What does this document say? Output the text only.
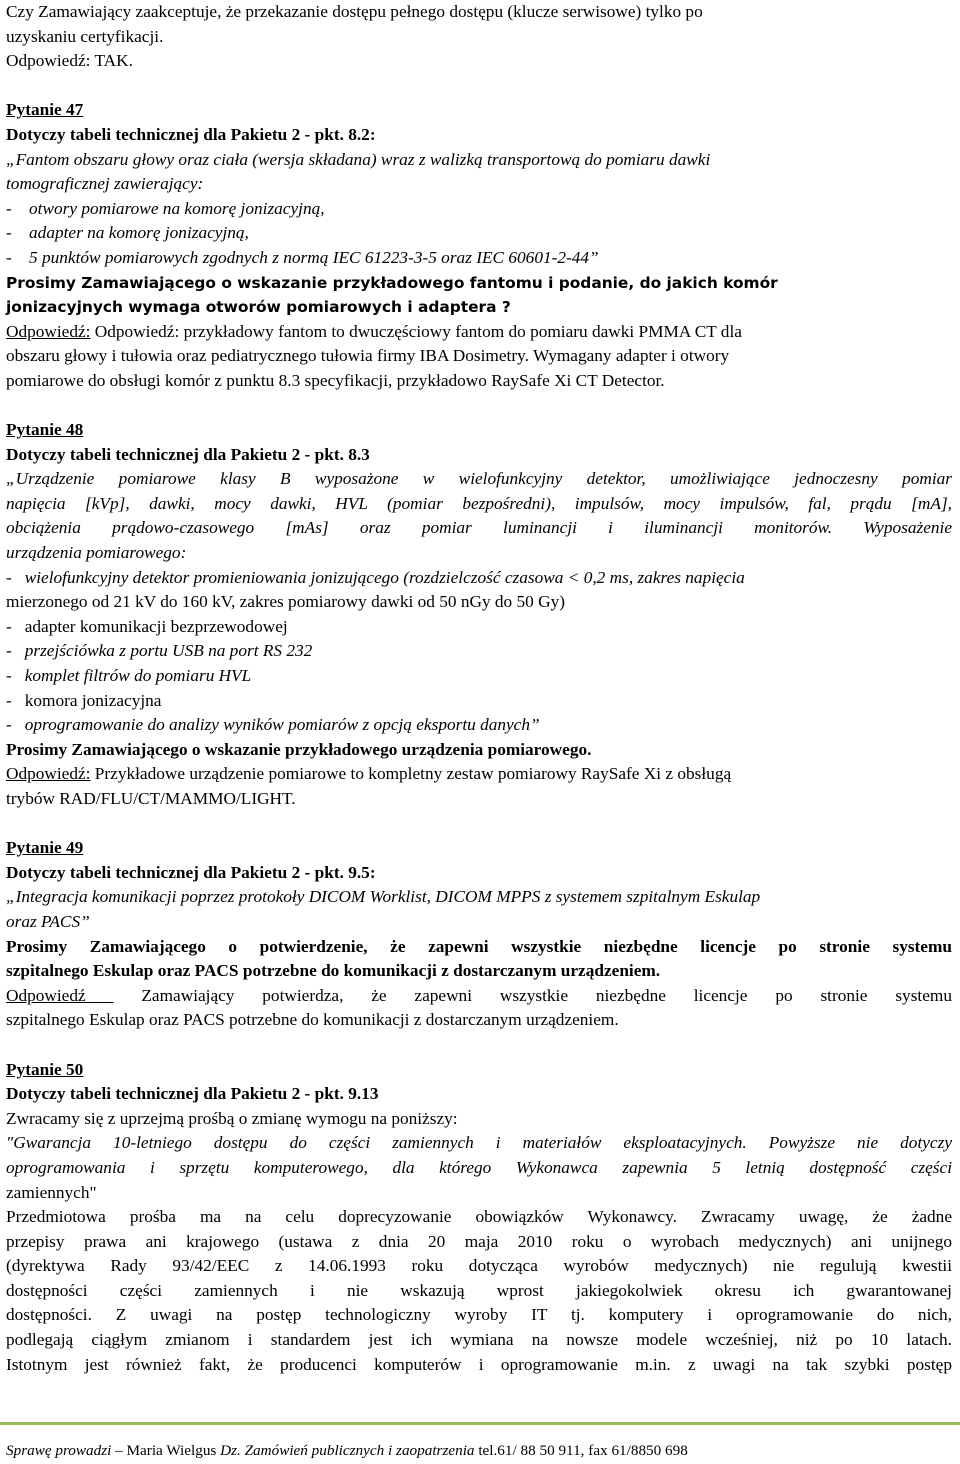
Czy Zamawiający zaakceptuje, że przekazanie dostępu pełnego dostępu (klucze serwisowe) tylko po
uzyskaniu certyfikacji.
Odpowiedź: TAK.
Pytanie 47
Dotyczy tabeli technicznej dla Pakietu 2 - pkt. 8.2:
„Fantom obszaru głowy oraz ciała (wersja składana) wraz z walizką transportową do pomiaru dawki
tomograficznej zawierający:
-    otwory pomiarowe na komorę jonizacyjną,
-    adapter na komorę jonizacyjną,
-    5 punktów pomiarowych zgodnych z normą IEC 61223-3-5 oraz IEC 60601-2-44”
Prosimy Zamawiającego o wskazanie przykładowego fantomu i podanie, do jakich komór
jonizacyjnych wymaga otworów pomiarowych i adaptera ?
Odpowiedź: Odpowiedź: przykładowy fantom to dwuczęściowy fantom do pomiaru dawki PMMA CT dla
obszaru głowy i tułowia oraz pediatrycznego tułowia firmy IBA Dosimetry. Wymagany adapter i otwory
pomiarowe do obsługi komór z punktu 8.3 specyfikacji, przykładowo RaySafe Xi CT Detector.
Pytanie 48
Dotyczy tabeli technicznej dla Pakietu 2 - pkt. 8.3
„Urządzenie pomiarowe klasy B wyposażone w wielofunkcyjny detektor, umożliwiające jednoczesny pomiar
napięcia [kVp], dawki, mocy dawki, HVL (pomiar bezpośredni), impulsów, mocy impulsów, fal, prądu [mA],
obciążenia prądowo-czasowego [mAs] oraz pomiar luminancji i iluminancji monitorów. Wyposażenie
urządzenia pomiarowego:
-   wielofunkcyjny detektor promieniowania jonizującego (rozdzielczość czasowa < 0,2 ms, zakres napięcia
mierzonego od 21 kV do 160 kV, zakres pomiarowy dawki od 50 nGy do 50 Gy)
-   adapter komunikacji bezprzewodowej
-   przejściówka z portu USB na port RS 232
-   komplet filtrów do pomiaru HVL
-   komora jonizacyjna
-   oprogramowanie do analizy wyników pomiarów z opcją eksportu danych”
Prosimy Zamawiającego o wskazanie przykładowego urządzenia pomiarowego.
Odpowiedź: Przykładowe urządzenie pomiarowe to kompletny zestaw pomiarowy RaySafe Xi z obsługą
trybów RAD/FLU/CT/MAMMO/LIGHT.
Pytanie 49
Dotyczy tabeli technicznej dla Pakietu 2 - pkt. 9.5:
„Integracja komunikacji poprzez protokoły DICOM Worklist, DICOM MPPS z systemem szpitalnym Eskulap
oraz PACS”
Prosimy Zamawiającego o potwierdzenie, że zapewni wszystkie niezbędne licencje po stronie systemu
szpitalnego Eskulap oraz PACS potrzebne do komunikacji z dostarczanym urządzeniem.
Odpowiedź  Zamawiający potwierdza, że zapewni wszystkie niezbędne licencje po stronie systemu
szpitalnego Eskulap oraz PACS potrzebne do komunikacji z dostarczanym urządzeniem.
Pytanie 50
Dotyczy tabeli technicznej dla Pakietu 2 - pkt. 9.13
Zwracamy się z uprzejmą prośbą o zmianę wymogu na poniższy:
"Gwarancja 10-letniego dostępu do części zamiennych i materiałów eksploatacyjnych. Powyższe nie dotyczy
oprogramowania i sprzętu komputerowego, dla którego Wykonawca zapewnia 5 letnią dostępność części
zamiennych"
Przedmiotowa prośba ma na celu doprecyzowanie obowiązków Wykonawcy. Zwracamy uwagę, że żadne
przepisy prawa ani krajowego (ustawa z dnia 20 maja 2010 roku o wyrobach medycznych) ani unijnego
(dyrektywa Rady 93/42/EEC z 14.06.1993 roku dotycząca wyrobów medycznych) nie regulują kwestii
dostępności części zamiennych i nie wskazują wprost jakiegokolwiek okresu ich gwarantowanej
dostępności. Z uwagi na postęp technologiczny wyroby IT tj. komputery i oprogramowanie do nich,
podlegają ciągłym zmianom i standardem jest ich wymiana na nowsze modele wcześniej, niż po 10 latach.
Istotnym jest również fakt, że producenci komputerów i oprogramowanie m.in. z uwagi na tak szybki postęp
Sprawę prowadzi – Maria Wielgus Dz. Zamówień publicznych i zaopatrzenia tel.61/ 88 50 911, fax 61/8850 698
